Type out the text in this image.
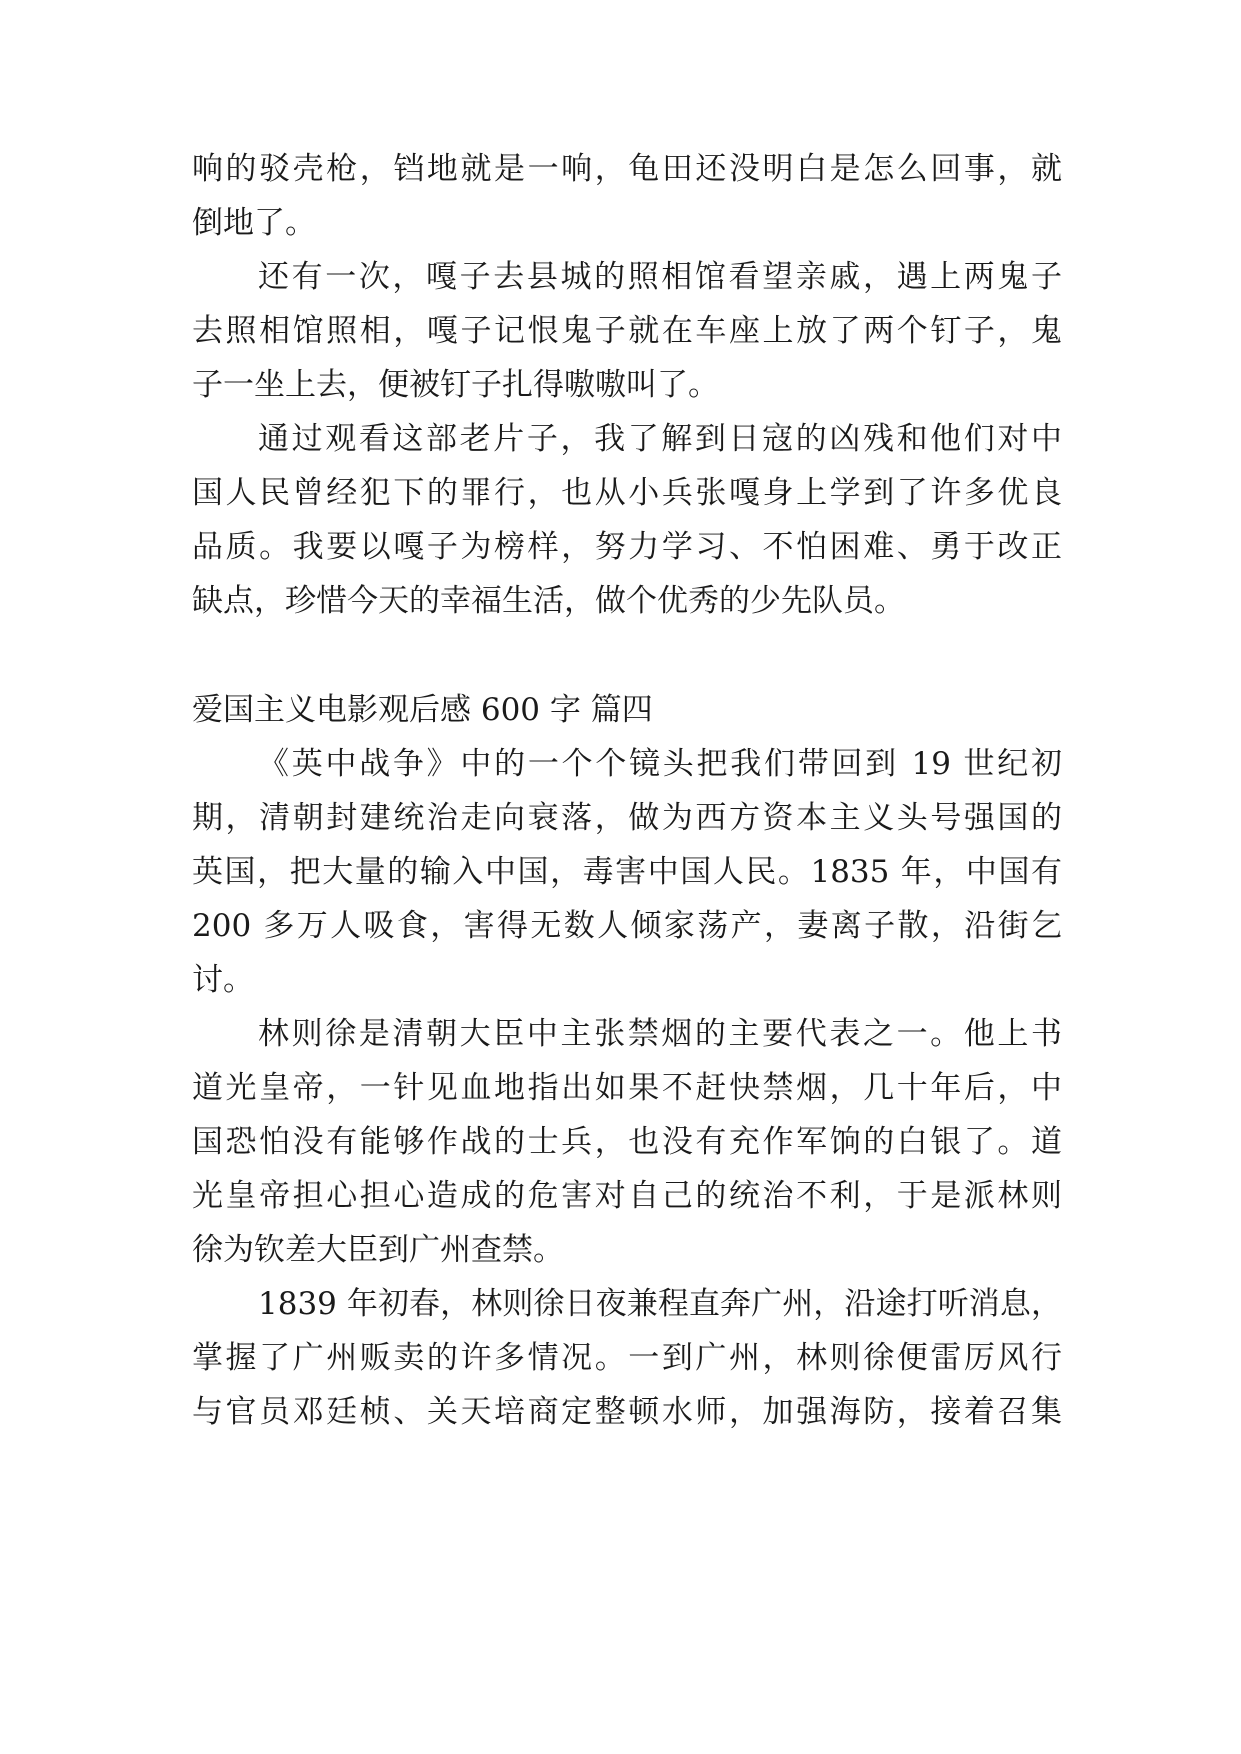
响的驳壳枪，铛地就是一响，龟田还没明白是怎么回事，就
倒地了。
还有一次，嘎子去县城的照相馆看望亲戚，遇上两鬼子
去照相馆照相，嘎子记恨鬼子就在车座上放了两个钉子，鬼
子一坐上去，便被钉子扎得嗷嗷叫了。
通过观看这部老片子，我了解到日寇的凶残和他们对中
国人民曾经犯下的罪行，也从小兵张嘎身上学到了许多优良
品质。我要以嘎子为榜样，努力学习、不怕困难、勇于改正
缺点，珍惜今天的幸福生活，做个优秀的少先队员。
爱国主义电影观后感 600 字 篇四
《英中战争》中的一个个镜头把我们带回到 19 世纪初
期，清朝封建统治走向衰落，做为西方资本主义头号强国的
英国，把大量的输入中国，毒害中国人民。1835 年，中国有
200 多万人吸食，害得无数人倾家荡产，妻离子散，沿街乞
讨。
林则徐是清朝大臣中主张禁烟的主要代表之一。他上书
道光皇帝，一针见血地指出如果不赶快禁烟，几十年后，中
国恐怕没有能够作战的士兵，也没有充作军饷的白银了。道
光皇帝担心担心造成的危害对自己的统治不利，于是派林则
徐为钦差大臣到广州查禁。
1839 年初春，林则徐日夜兼程直奔广州，沿途打听消息，
掌握了广州贩卖的许多情况。一到广州，林则徐便雷厉风行
与官员邓廷桢、关天培商定整顿水师，加强海防，接着召集
